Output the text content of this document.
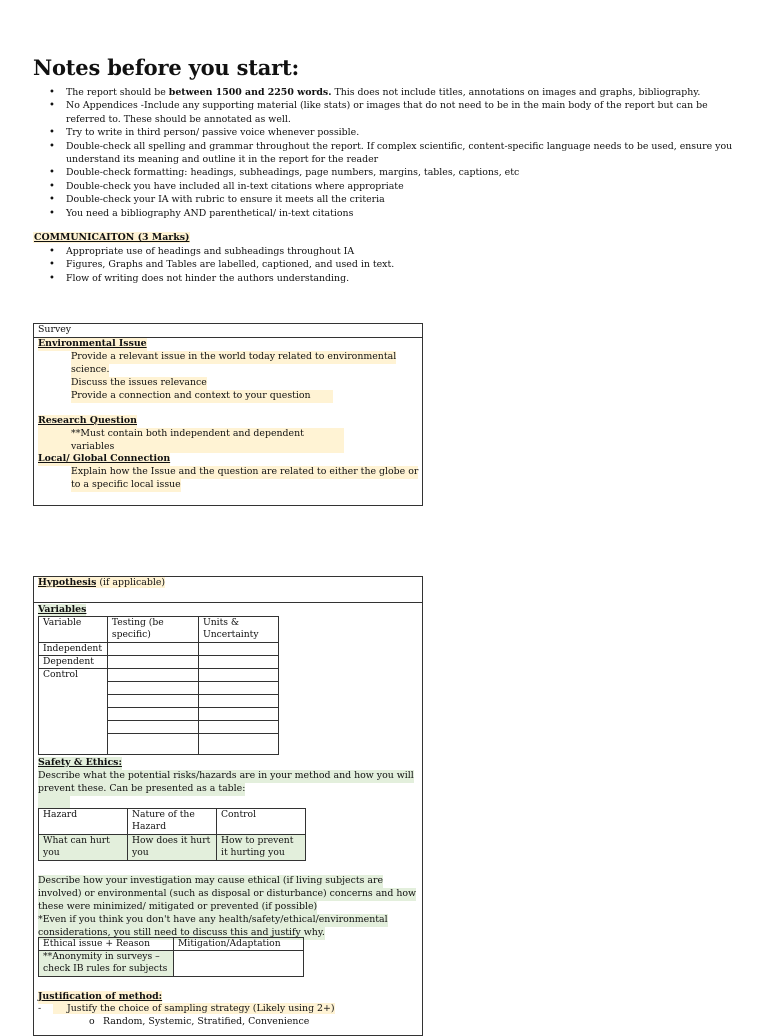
Notes before you start:
• The report should be between 1500 and 2250 words. This does not include titles, annotations on images and graphs, bibliography.
• No Appendices -Include any supporting material (like stats) or images that do not need to be in the main body of the report but can be referred to. These should be annotated as well.
• Try to write in third person/ passive voice whenever possible.
• Double-check all spelling and grammar throughout the report. If complex scientific, content-specific language needs to be used, ensure you understand its meaning and outline it in the report for the reader
• Double-check formatting: headings, subheadings, page numbers, margins, tables, captions, etc
• Double-check you have included all in-text citations where appropriate
• Double-check your IA with rubric to ensure it meets all the criteria
• You need a bibliography AND parenthetical/ in-text citations
COMMUNICAITON (3 Marks)
• Appropriate use of headings and subheadings throughout IA
• Figures, Graphs and Tables are labelled, captioned, and used in text.
• Flow of writing does not hinder the authors understanding.
Survey
Environmental Issue
Provide a relevant issue in the world today related to environmental
science.
Discuss the issues relevance
Provide a connection and context to your question
Research Question
**Must contain both independent and dependent variables
Local/ Global Connection
Explain how the Issue and the question are related to either the globe or
to a specific local issue
Hypothesis (if applicable)
Variables
Safety & Ethics:
Describe what the potential risks/hazards are in your method and how you will
prevent these. Can be presented as a table:
Describe how your investigation may cause ethical (if living subjects are
involved) or environmental (such as disposal or disturbance) concerns and how
these were minimized/ mitigated or prevented (if possible)
*Even if you think you don't have any health/safety/ethical/environmental
considerations, you still need to discuss this and justify why.
Justification of method:
Variable	Testing (be specific)	Units & Uncertainty
Independent		
Dependent		
Control		

Hazard	Nature of the Hazard	Control
What can hurt you	How does it hurt you	How to prevent it hurting you
Ethical issue + Reason	Mitigation/Adaptation
**Anonymity in surveys – check IB rules for subjects	
-	Justify the choice of sampling strategy (Likely using 2+)
o Random, Systemic, Stratified, Convenience
